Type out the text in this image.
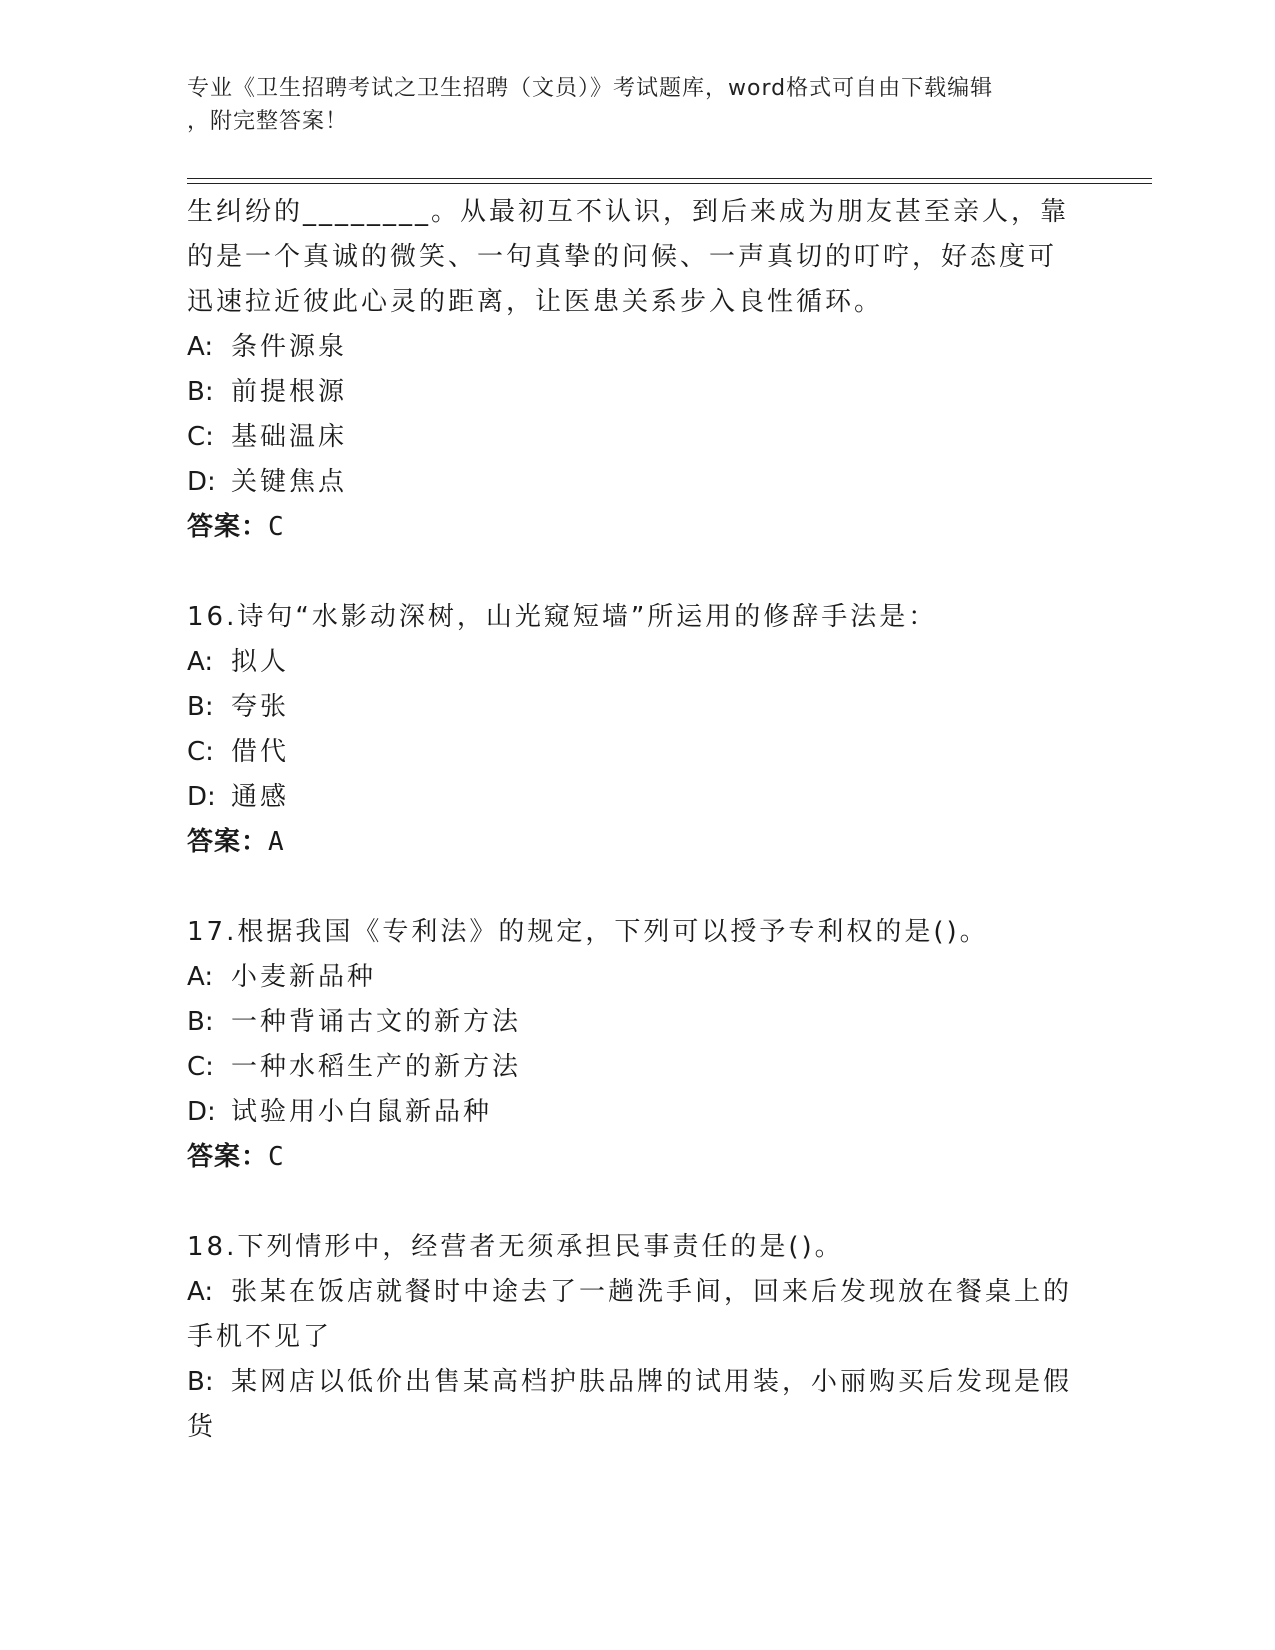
专业《卫生招聘考试之卫生招聘（文员）》考试题库，word格式可自由下载编辑
，附完整答案！
生纠纷的________。从最初互不认识，到后来成为朋友甚至亲人，靠
的是一个真诚的微笑、一句真挚的问候、一声真切的叮咛，好态度可
迅速拉近彼此心灵的距离，让医患关系步入良性循环。
A: 条件源泉
B: 前提根源
C: 基础温床
D: 关键焦点
答案：C
16.诗句“水影动深树，山光窥短墙”所运用的修辞手法是：
A: 拟人
B: 夸张
C: 借代
D: 通感
答案：A
17.根据我国《专利法》的规定，下列可以授予专利权的是()。
A: 小麦新品种
B: 一种背诵古文的新方法
C: 一种水稻生产的新方法
D: 试验用小白鼠新品种
答案：C
18.下列情形中，经营者无须承担民事责任的是()。
A: 张某在饭店就餐时中途去了一趟洗手间，回来后发现放在餐桌上的
手机不见了
B: 某网店以低价出售某高档护肤品牌的试用装，小丽购买后发现是假
货
